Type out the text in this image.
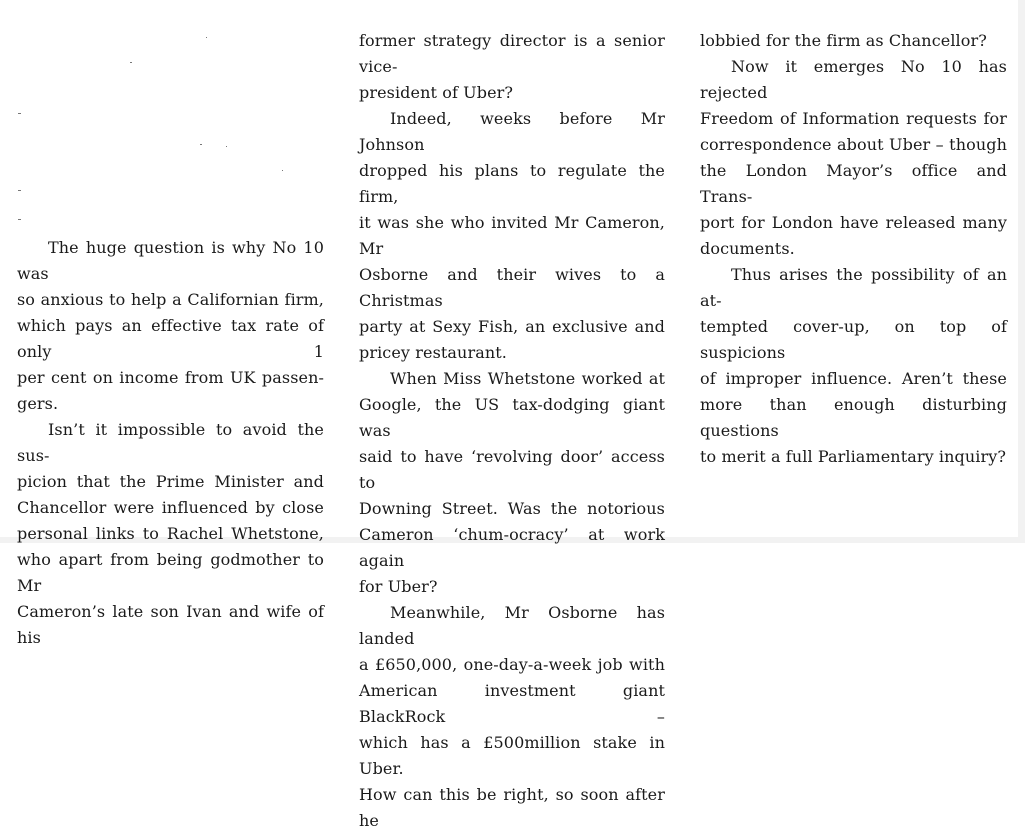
The huge question is why No 10 was

so anxious to help a Californian firm,

which pays an effective tax rate of only 1

per cent on income from UK passen-

gers.

Isn’t it impossible to avoid the sus-

picion that the Prime Minister and

Chancellor were influenced by close

personal links to Rachel Whetstone,

who apart from being godmother to Mr

Cameron’s late son Ivan and wife of his

former strategy director is a senior vice-

president of Uber?

Indeed, weeks before Mr Johnson

dropped his plans to regulate the firm,

it was she who invited Mr Cameron, Mr

Osborne and their wives to a Christmas

party at Sexy Fish, an exclusive and

pricey restaurant.

When Miss Whetstone worked at

Google, the US tax-dodging giant was

said to have ‘revolving door’ access to

Downing Street. Was the notorious

Cameron ‘chum-ocracy’ at work again

for Uber?

Meanwhile, Mr Osborne has landed

a £650,000, one-day-a-week job with

American investment giant BlackRock –

which has a £500million stake in Uber.

How can this be right, so soon after he

lobbied for the firm as Chancellor?

Now it emerges No 10 has rejected

Freedom of Information requests for

correspondence about Uber – though

the London Mayor’s office and Trans-

port for London have released many

documents.

Thus arises the possibility of an at-

tempted cover-up, on top of suspicions

of improper influence. Aren’t these

more than enough disturbing questions

to merit a full Parliamentary inquiry?
